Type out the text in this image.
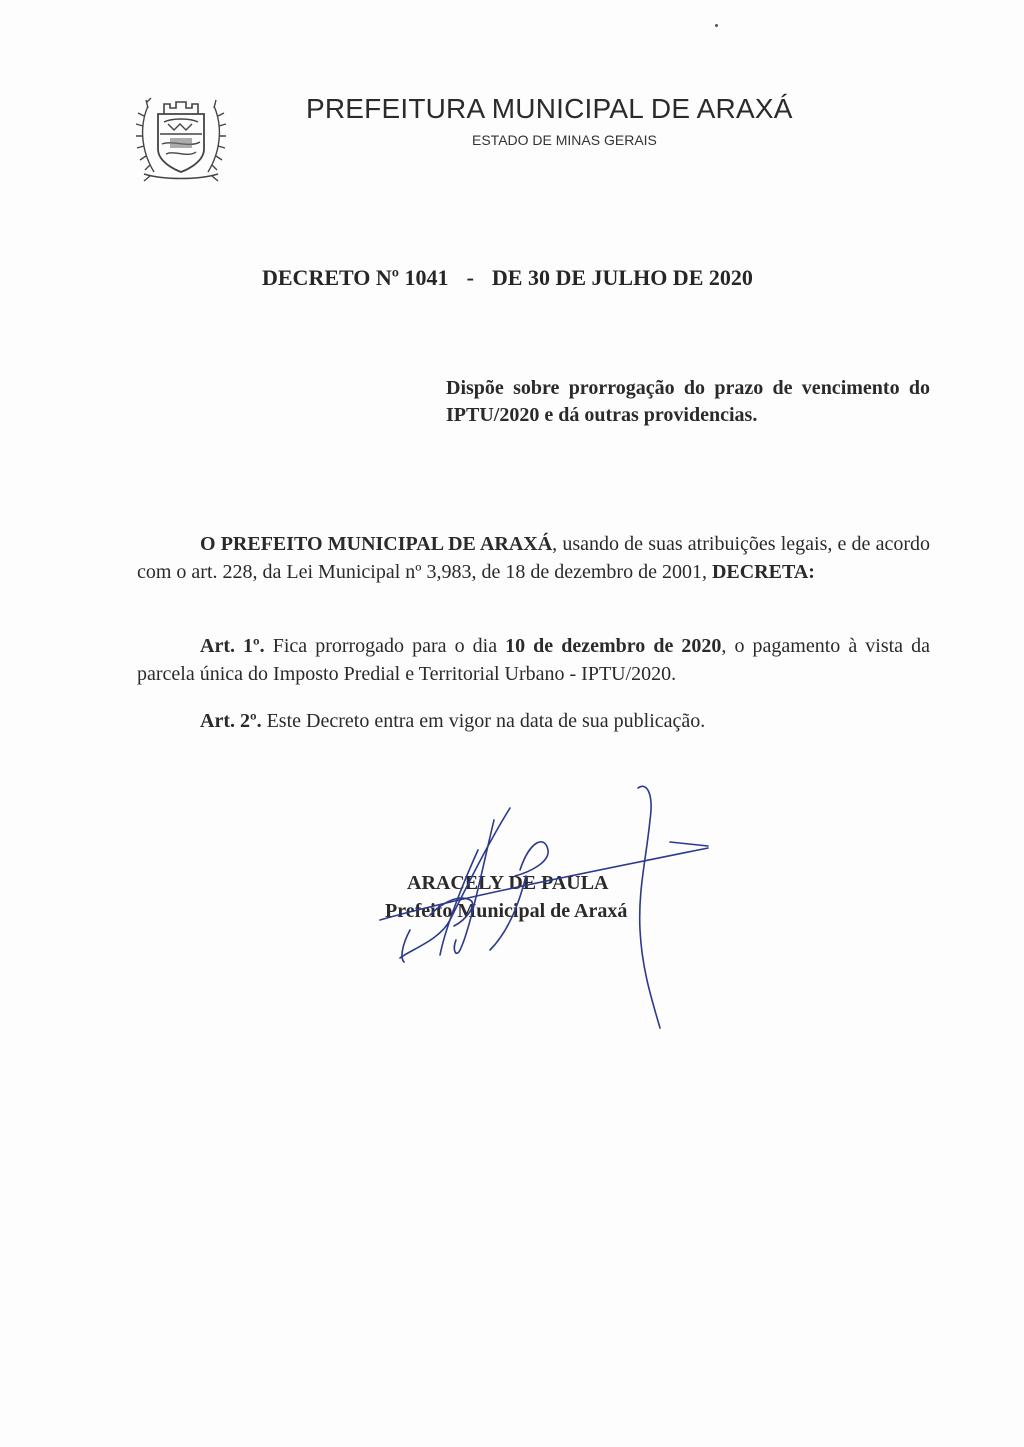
PREFEITURA MUNICIPAL DE ARAXÁ
ESTADO DE MINAS GERAIS
DECRETO Nº 1041 - DE 30 DE JULHO DE 2020
Dispõe sobre prorrogação do prazo de vencimento do IPTU/2020 e dá outras providencias.
O PREFEITO MUNICIPAL DE ARAXÁ, usando de suas atribuições legais, e de acordo com o art. 228, da Lei Municipal nº 3,983, de 18 de dezembro de 2001, DECRETA:
Art. 1º. Fica prorrogado para o dia 10 de dezembro de 2020, o pagamento à vista da parcela única do Imposto Predial e Territorial Urbano - IPTU/2020.
Art. 2º. Este Decreto entra em vigor na data de sua publicação.
ARACELY DE PAULA
Prefeito Municipal de Araxá
